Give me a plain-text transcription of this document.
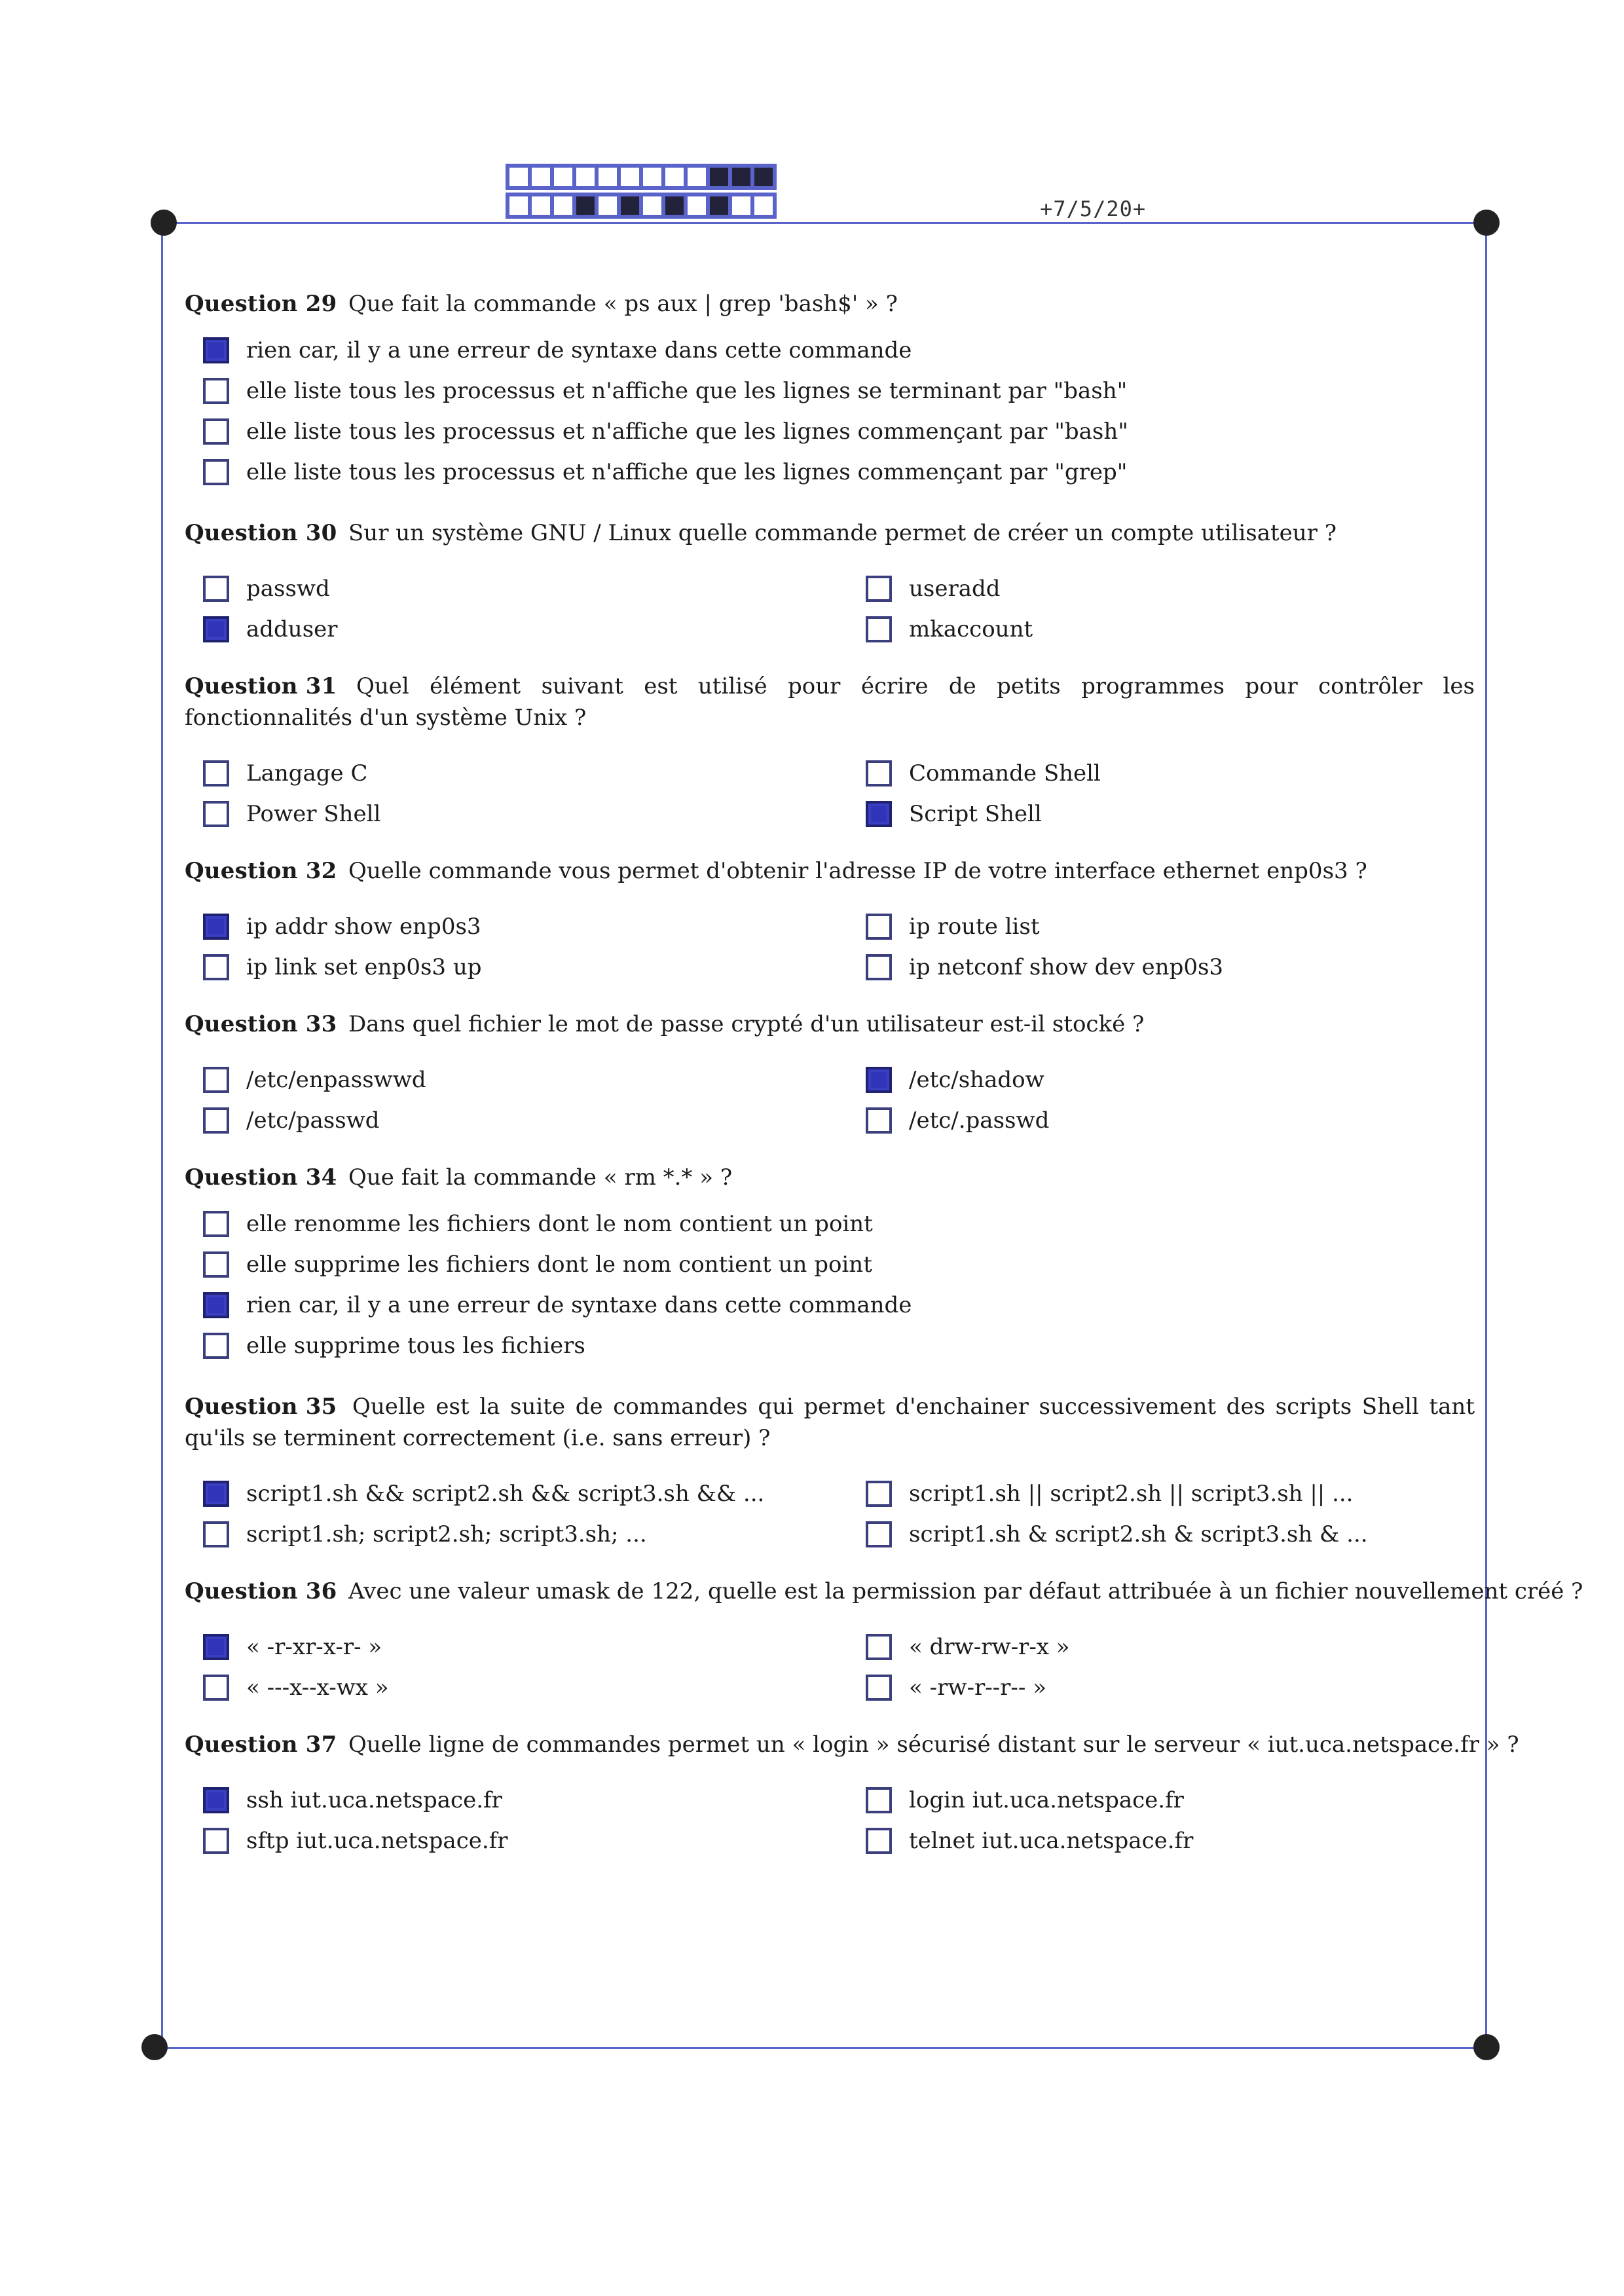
+7/5/20+
Question 29 Que fait la commande « ps aux | grep 'bash$' » ?
rien car, il y a une erreur de syntaxe dans cette commande
elle liste tous les processus et n'affiche que les lignes se terminant par "bash"
elle liste tous les processus et n'affiche que les lignes commençant par "bash"
elle liste tous les processus et n'affiche que les lignes commençant par "grep"
Question 30 Sur un système GNU / Linux quelle commande permet de créer un compte utilisateur ?
passwd	useradd
adduser	mkaccount
Question 31 Quel élément suivant est utilisé pour écrire de petits programmes pour contrôler les fonctionnalités d'un système Unix ?
Langage C	Commande Shell
Power Shell	Script Shell
Question 32 Quelle commande vous permet d'obtenir l'adresse IP de votre interface ethernet enp0s3 ?
ip addr show enp0s3	ip route list
ip link set enp0s3 up	ip netconf show dev enp0s3
Question 33 Dans quel fichier le mot de passe crypté d'un utilisateur est-il stocké ?
/etc/enpasswwd	/etc/shadow
/etc/passwd	/etc/.passwd
Question 34 Que fait la commande « rm *.* » ?
elle renomme les fichiers dont le nom contient un point
elle supprime les fichiers dont le nom contient un point
rien car, il y a une erreur de syntaxe dans cette commande
elle supprime tous les fichiers
Question 35 Quelle est la suite de commandes qui permet d'enchainer successivement des scripts Shell tant qu'ils se terminent correctement (i.e. sans erreur) ?
script1.sh && script2.sh && script3.sh && ...	script1.sh || script2.sh || script3.sh || ...
script1.sh; script2.sh; script3.sh; ...	script1.sh & script2.sh & script3.sh & ...
Question 36 Avec une valeur umask de 122, quelle est la permission par défaut attribuée à un fichier nouvellement créé ?
« -r-xr-x-r- »	« drw-rw-r-x »
« ---x--x-wx »	« -rw-r--r-- »
Question 37 Quelle ligne de commandes permet un « login » sécurisé distant sur le serveur « iut.uca.netspace.fr » ?
ssh iut.uca.netspace.fr	login iut.uca.netspace.fr
sftp iut.uca.netspace.fr	telnet iut.uca.netspace.fr
